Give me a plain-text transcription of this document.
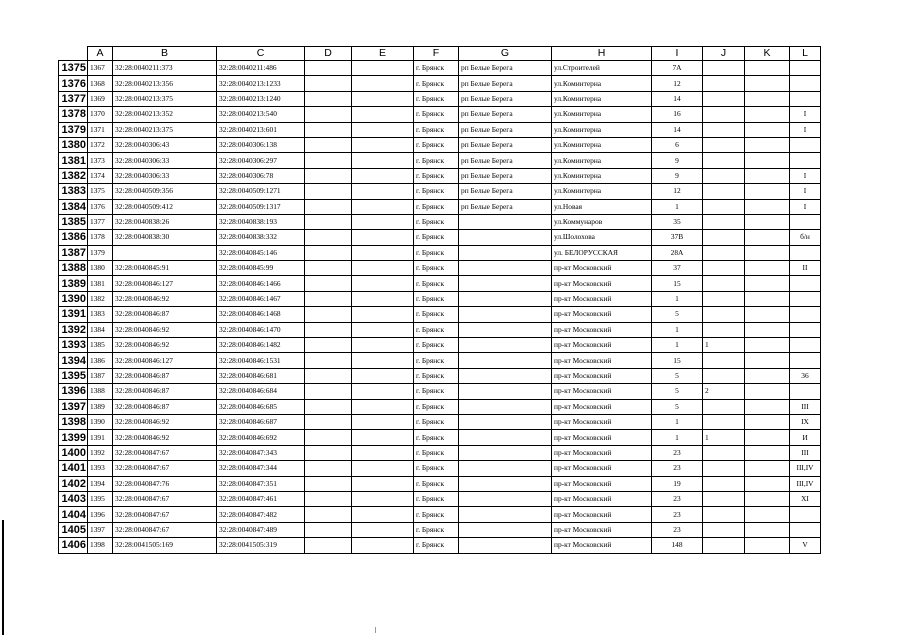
	A	B	C	D	E	F	G	H	I	J	K	L
1375	1367	32:28:0040211:373	32:28:0040211:486			г. Брянск	рп Белые Берега	ул.Строителей	7А			
1376	1368	32:28:0040213:356	32:28:0040213:1233			г. Брянск	рп Белые Берега	ул.Коминтерна	12			
1377	1369	32:28:0040213:375	32:28:0040213:1240			г. Брянск	рп Белые Берега	ул.Коминтерна	14			
1378	1370	32:28:0040213:352	32:28:0040213:540			г. Брянск	рп Белые Берега	ул.Коминтерна	16			I
1379	1371	32:28:0040213:375	32:28:0040213:601			г. Брянск	рп Белые Берега	ул.Коминтерна	14			I
1380	1372	32:28:0040306:43	32:28:0040306:138			г. Брянск	рп Белые Берега	ул.Коминтерна	6			
1381	1373	32:28:0040306:33	32:28:0040306:297			г. Брянск	рп Белые Берега	ул.Коминтерна	9			
1382	1374	32:28:0040306:33	32:28:0040306:78			г. Брянск	рп Белые Берега	ул.Коминтерна	9			I
1383	1375	32:28:0040509:356	32:28:0040509:1271			г. Брянск	рп Белые Берега	ул.Коминтерна	12			I
1384	1376	32:28:0040509:412	32:28:0040509:1317			г. Брянск	рп Белые Берега	ул.Новая	1			I
1385	1377	32:28:0040838:26	32:28:0040838:193			г. Брянск		ул.Коммунаров	35			
1386	1378	32:28:0040838:30	32:28:0040838:332			г. Брянск		ул.Шолохова	37В			б/н
1387	1379		32:28:0040845:146			г. Брянск		ул. БЕЛОРУССКАЯ	28А			
1388	1380	32:28:0040845:91	32:28:0040845:99			г. Брянск		пр-кт Московский	37			II
1389	1381	32:28:0040846:127	32:28:0040846:1466			г. Брянск		пр-кт Московский	15			
1390	1382	32:28:0040846:92	32:28:0040846:1467			г. Брянск		пр-кт Московский	1			
1391	1383	32:28:0040846:87	32:28:0040846:1468			г. Брянск		пр-кт Московский	5			
1392	1384	32:28:0040846:92	32:28:0040846:1470			г. Брянск		пр-кт Московский	1			
1393	1385	32:28:0040846:92	32:28:0040846:1482			г. Брянск		пр-кт Московский	1	1		
1394	1386	32:28:0040846:127	32:28:0040846:1531			г. Брянск		пр-кт Московский	15			
1395	1387	32:28:0040846:87	32:28:0040846:681			г. Брянск		пр-кт Московский	5			36
1396	1388	32:28:0040846:87	32:28:0040846:684			г. Брянск		пр-кт Московский	5	2		
1397	1389	32:28:0040846:87	32:28:0040846:685			г. Брянск		пр-кт Московский	5			III
1398	1390	32:28:0040846:92	32:28:0040846:687			г. Брянск		пр-кт Московский	1			IX
1399	1391	32:28:0040846:92	32:28:0040846:692			г. Брянск		пр-кт Московский	1	1		И
1400	1392	32:28:0040847:67	32:28:0040847:343			г. Брянск		пр-кт Московский	23			III
1401	1393	32:28:0040847:67	32:28:0040847:344			г. Брянск		пр-кт Московский	23			III,IV
1402	1394	32:28:0040847:76	32:28:0040847:351			г. Брянск		пр-кт Московский	19			III,IV
1403	1395	32:28:0040847:67	32:28:0040847:461			г. Брянск		пр-кт Московский	23			XI
1404	1396	32:28:0040847:67	32:28:0040847:482			г. Брянск		пр-кт Московский	23			
1405	1397	32:28:0040847:67	32:28:0040847:489			г. Брянск		пр-кт Московский	23			
1406	1398	32:28:0041505:169	32:28:0041505:319			г. Брянск		пр-кт Московский	148			V
